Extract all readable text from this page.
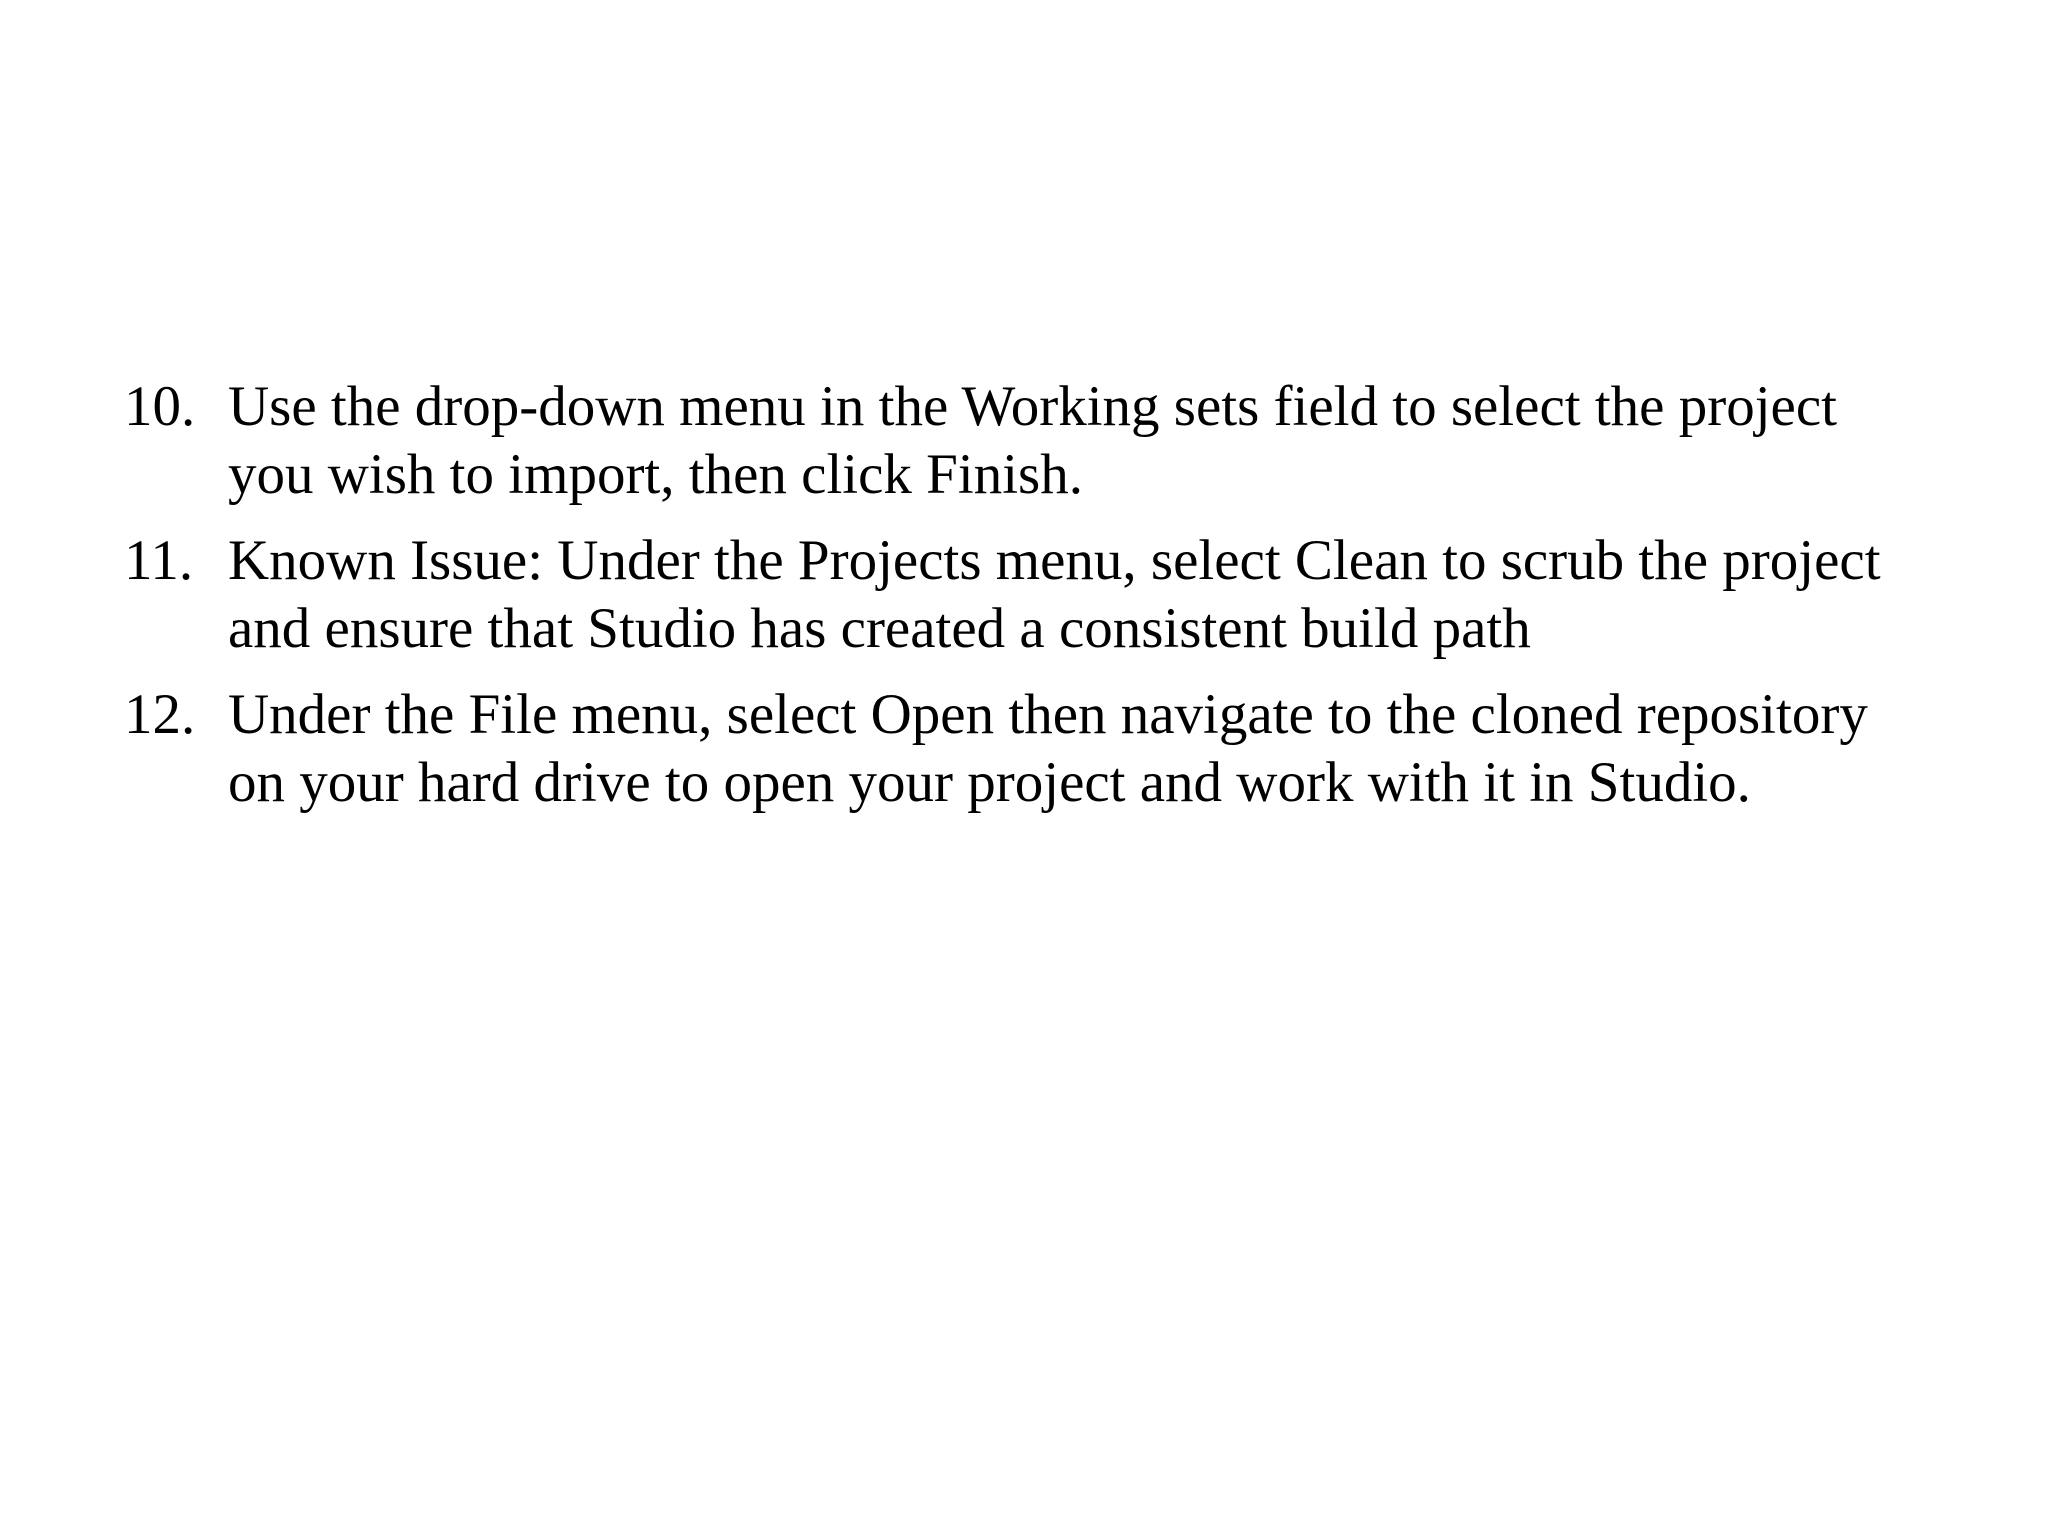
10. Use the drop-down menu in the Working sets field to select the project
you wish to import, then click Finish.
11. Known Issue: Under the Projects menu, select Clean to scrub the project
and ensure that Studio has created a consistent build path
12. Under the File menu, select Open then navigate to the cloned repository
on your hard drive to open your project and work with it in Studio.
